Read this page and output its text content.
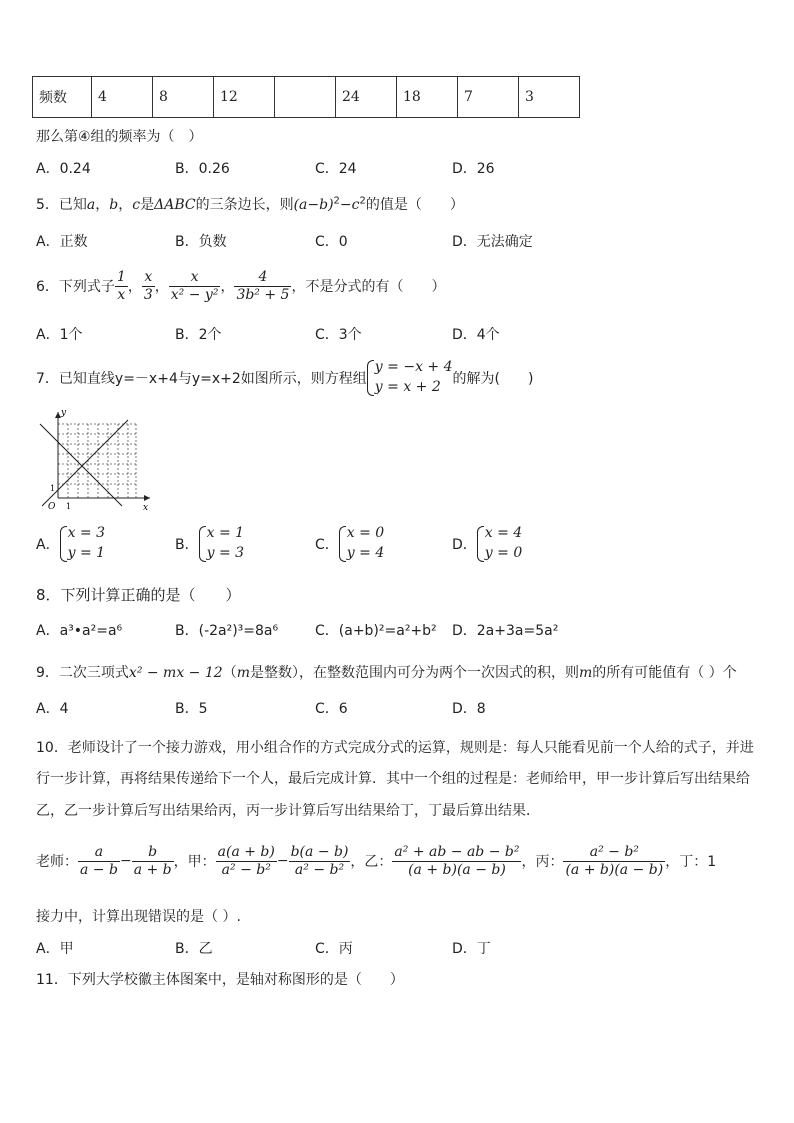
频数	4	8	12		24	18	7	3
那么第④组的频率为（　）
A．0.24	B．0.26	C．24	D．26
5．已知a，b，c是ΔABC的三条边长，则$(a-b)^2-c^2$的值是（　　）
A．正数	B．负数	C．0	D．无法确定
6．下列式子 $\frac{1}{x}$ ， $\frac{x}{3}$ ， $\frac{x}{\text{x² − y²}}$ ， $\frac{4}{\text{3b² + 5}}$ ，不是分式的有（　　）
A．1个	B．2个	C．3个	D．4个
7．已知直线y=－x+4与y=x+2如图所示，则方程组
y = −x + 4
y = x + 2 的解为(　　)
y
x
O 1
1
A．
x = 3
y = 1	B．
x = 1
y = 3	C．
x = 0
y = 4	D．
x = 4
y = 0
8．下列计算正确的是（　　）
A．a³•a²=a⁶	B．(-2a²)³=8a⁶	C．(a+b)²=a²+b² D．2a+3a=5a²
9．二次三项式x² − mx − 12（m是整数），在整数范围内可分为两个一次因式的积，则m的所有可能值有（ ）个
A．4	B．5	C．6	D．8
10．老师设计了一个接力游戏，用小组合作的方式完成分式的运算，规则是：每人只能看见前一个人给的式子，并进
行一步计算，再将结果传递给下一个人，最后完成计算．其中一个组的过程是：老师给甲，甲一步计算后写出结果给
乙，乙一步计算后写出结果给丙，丙一步计算后写出结果给丁，丁最后算出结果．
老师： $\frac{a}{a - b} - \frac{b}{a + b}$ ，甲： $\frac{a(a + b)}{\text{a² − b²}} - \frac{b(a - b)}{\text{a² − b²}}$ ，乙： $\frac{\text{a² + ab − ab − b²}}{(a + b)(a - b)}$ ，丙： $\frac{\text{a² − b²}}{(a + b)(a - b)}$ ，丁：1
接力中，计算出现错误的是（ ）.
A．甲	B．乙	C．丙	D．丁
11．下列大学校徽主体图案中，是轴对称图形的是（　　）
